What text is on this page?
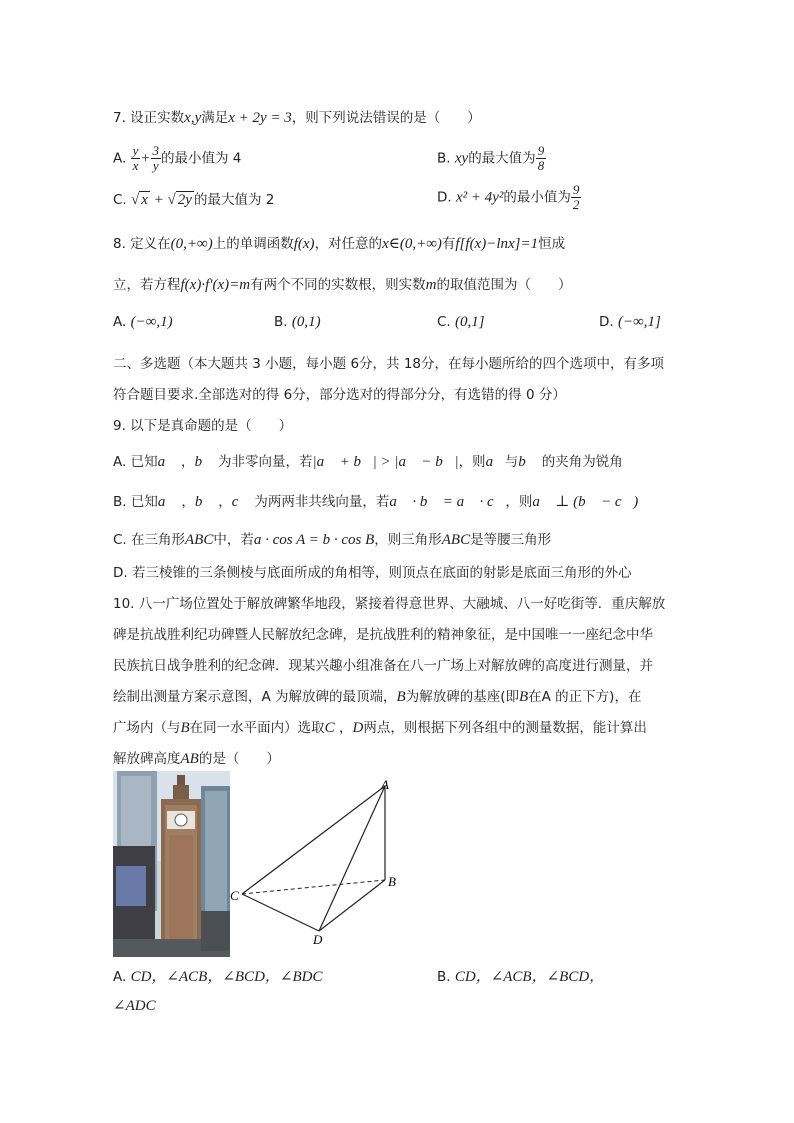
7. 设正实数x,y满足x + 2y = 3，则下列说法错误的是（　　）
A. $\frac{y}{x} + \frac{3}{y}$ 的最小值为 4	B. xy的最大值为 $\frac{9}{8}$
C. √ x + √ 2y 的最大值为 2	D. x² + 4y²的最小值为 $\frac{9}{2}$
8. 定义在(0,+∞)上的单调函数f(x)，对任意的x∈(0,+∞)有f[f(x)−lnx]=1恒成
立，若方程f(x)·f′(x)=m有两个不同的实数根，则实数m的取值范围为（　　）
A. (−∞,1)	B. (0,1)	C. (0,1]	D. (−∞,1]
二、多选题（本大题共 3 小题，每小题 6分，共 18分，在每小题所给的四个选项中，有多项
符合题目要求.全部选对的得 6分，部分选对的得部分分，有选错的得 0 分）
9. 以下是真命题的是（　　）
A. 已知a⃗ ，b⃗ 为非零向量，若|a⃗ + b⃗| > |a⃗ − b⃗|，则a⃗与b⃗ 的夹角为锐角
B. 已知a⃗ ，b⃗ ，c⃗ 为两两非共线向量，若a⃗ · b⃗ = a⃗ · c⃗，则a⃗ ⊥ (b⃗ − c⃗)
C. 在三角形ABC中，若a · cos A = b · cos B，则三角形ABC是等腰三角形
D. 若三棱锥的三条侧棱与底面所成的角相等，则顶点在底面的射影是底面三角形的外心
10. 八一广场位置处于解放碑繁华地段，紧接着得意世界、大融城、八一好吃街等．重庆解放
碑是抗战胜利纪功碑暨人民解放纪念碑，是抗战胜利的精神象征，是中国唯一一座纪念中华
民族抗日战争胜利的纪念碑．现某兴趣小组准备在八一广场上对解放碑的高度进行测量，并
绘制出测量方案示意图，A 为解放碑的最顶端，B为解放碑的基座(即B在A 的正下方)，在
广场内（与B在同一水平面内）选取C ，D两点，则根据下列各组中的测量数据，能计算出
解放碑高度AB的是（　　）
A
B
C
D
A. CD，∠ACB，∠BCD，∠BDC	B. CD，∠ACB，∠BCD，
∠ADC
